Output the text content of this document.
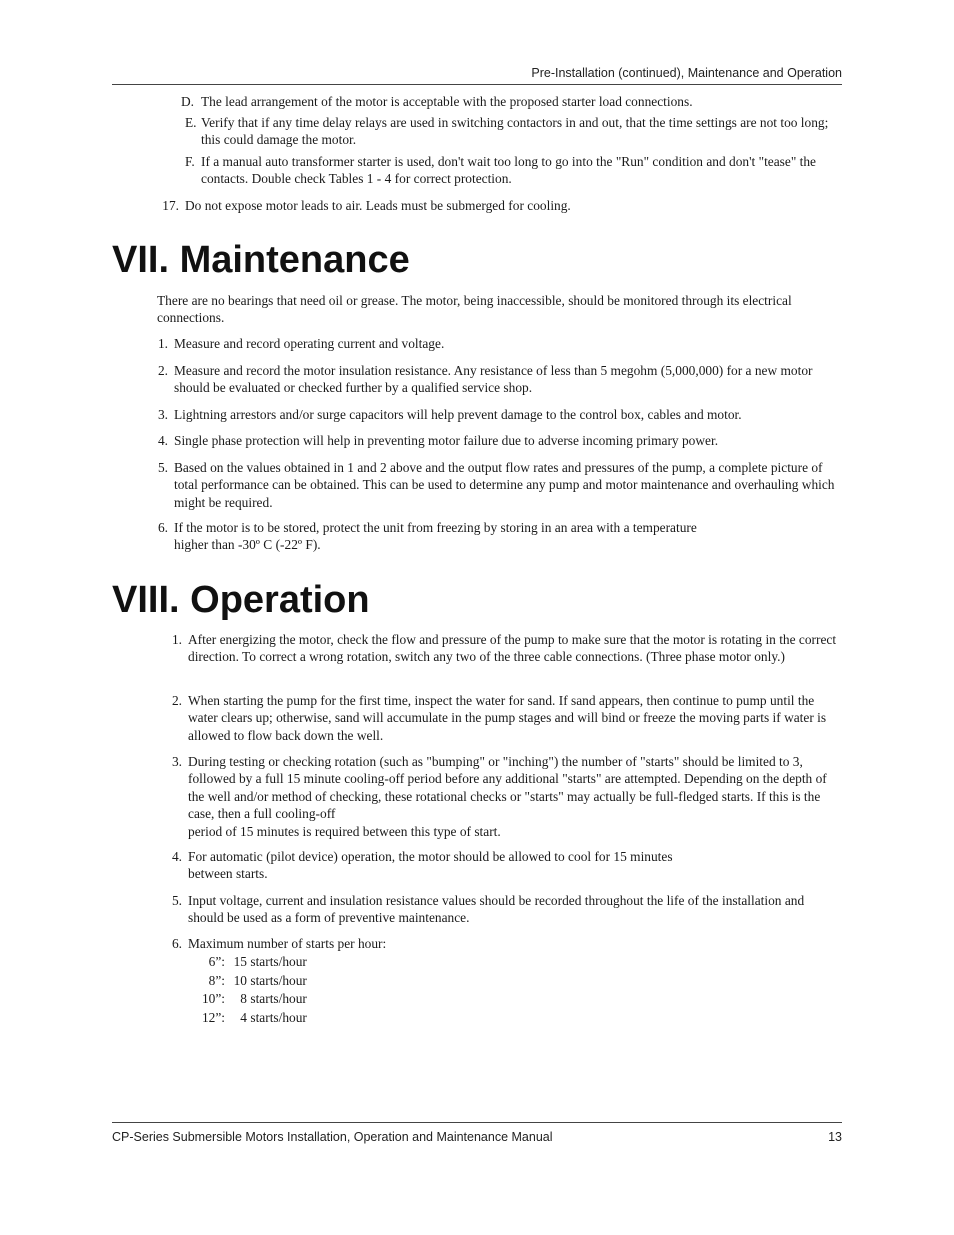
Pre-Installation (continued), Maintenance and Operation
D. The lead arrangement of the motor is acceptable with the proposed starter load connections.
E. Verify that if any time delay relays are used in switching contactors in and out, that the time settings are not too long; this could damage the motor.
F. If a manual auto transformer starter is used, don't wait too long to go into the "Run" condition and don't "tease" the contacts. Double check Tables 1 - 4 for correct protection.
17. Do not expose motor leads to air. Leads must be submerged for cooling.
VII. Maintenance
There are no bearings that need oil or grease. The motor, being inaccessible, should be monitored through its electrical connections.
1. Measure and record operating current and voltage.
2. Measure and record the motor insulation resistance. Any resistance of less than 5 megohm (5,000,000) for a new motor should be evaluated or checked further by a qualified service shop.
3. Lightning arrestors and/or surge capacitors will help prevent damage to the control box, cables and motor.
4. Single phase protection will help in preventing motor failure due to adverse incoming primary power.
5. Based on the values obtained in 1 and 2 above and the output flow rates and pressures of the pump, a complete picture of total performance can be obtained. This can be used to determine any pump and motor maintenance and overhauling which might be required.
6. If the motor is to be stored, protect the unit from freezing by storing in an area with a temperature
higher than -30º C (-22º F).
VIII. Operation
1. After energizing the motor, check the flow and pressure of the pump to make sure that the motor is rotating in the correct direction. To correct a wrong rotation, switch any two of the three cable connections. (Three phase motor only.)
2. When starting the pump for the first time, inspect the water for sand. If sand appears, then continue to pump until the water clears up; otherwise, sand will accumulate in the pump stages and will bind or freeze the moving parts if water is allowed to flow back down the well.
3. During testing or checking rotation (such as "bumping" or "inching") the number of "starts" should be limited to 3, followed by a full 15 minute cooling-off period before any additional "starts" are attempted. Depending on the depth of the well and/or method of checking, these rotational checks or "starts" may actually be full-fledged starts. If this is the case, then a full cooling-off
period of 15 minutes is required between this type of start.
4. For automatic (pilot device) operation, the motor should be allowed to cool for 15 minutes
between starts.
5. Input voltage, current and insulation resistance values should be recorded throughout the life of the installation and should be used as a form of preventive maintenance.
6. Maximum number of starts per hour:
6”: 15 starts/hour
8”: 10 starts/hour
10”: 8 starts/hour
12”: 4 starts/hour
CP-Series Submersible Motors Installation, Operation and Maintenance Manual	13
